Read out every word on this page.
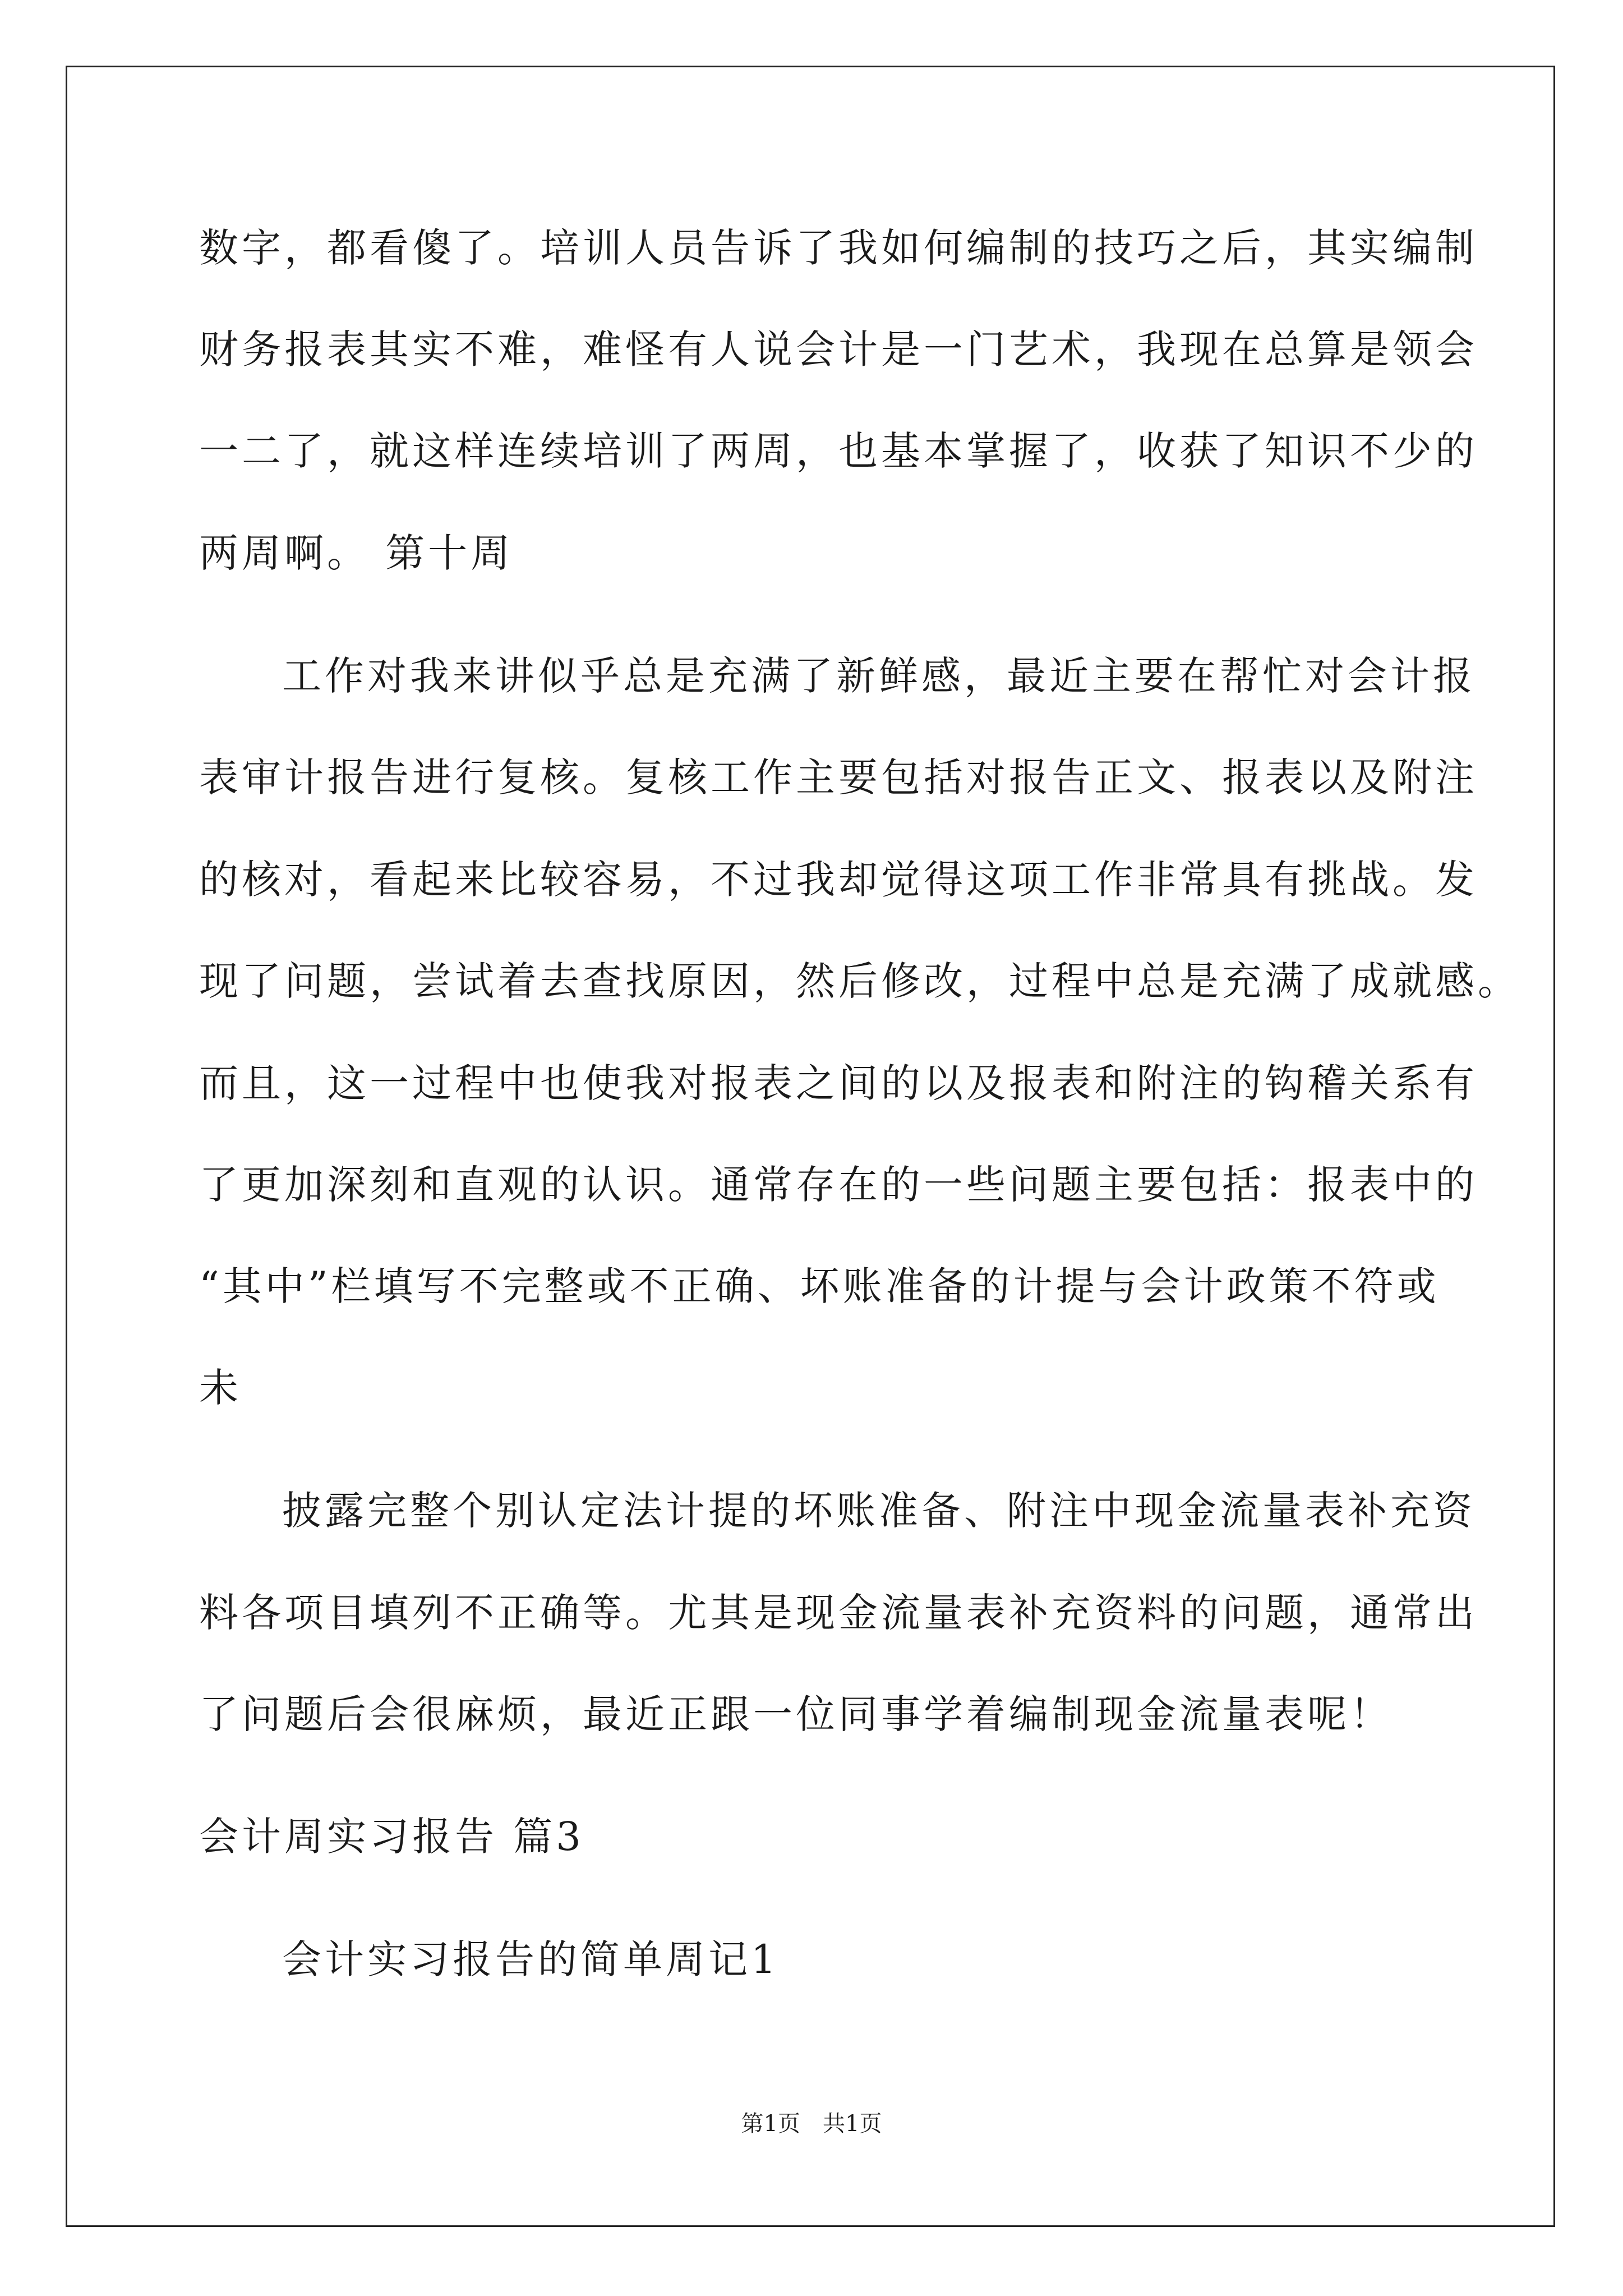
数字，都看傻了。培训人员告诉了我如何编制的技巧之后，其实编制
财务报表其实不难，难怪有人说会计是一门艺术，我现在总算是领会
一二了，就这样连续培训了两周，也基本掌握了，收获了知识不少的
两周啊。 第十周
工作对我来讲似乎总是充满了新鲜感，最近主要在帮忙对会计报
表审计报告进行复核。复核工作主要包括对报告正文、报表以及附注
的核对，看起来比较容易，不过我却觉得这项工作非常具有挑战。发
现了问题，尝试着去查找原因，然后修改，过程中总是充满了成就感。
而且，这一过程中也使我对报表之间的以及报表和附注的钩稽关系有
了更加深刻和直观的认识。通常存在的一些问题主要包括：报表中的
“其中”栏填写不完整或不正确、坏账准备的计提与会计政策不符或
未
披露完整个别认定法计提的坏账准备、附注中现金流量表补充资
料各项目填列不正确等。尤其是现金流量表补充资料的问题，通常出
了问题后会很麻烦，最近正跟一位同事学着编制现金流量表呢！
会计周实习报告 篇3
会计实习报告的简单周记1
第1页　共1页
